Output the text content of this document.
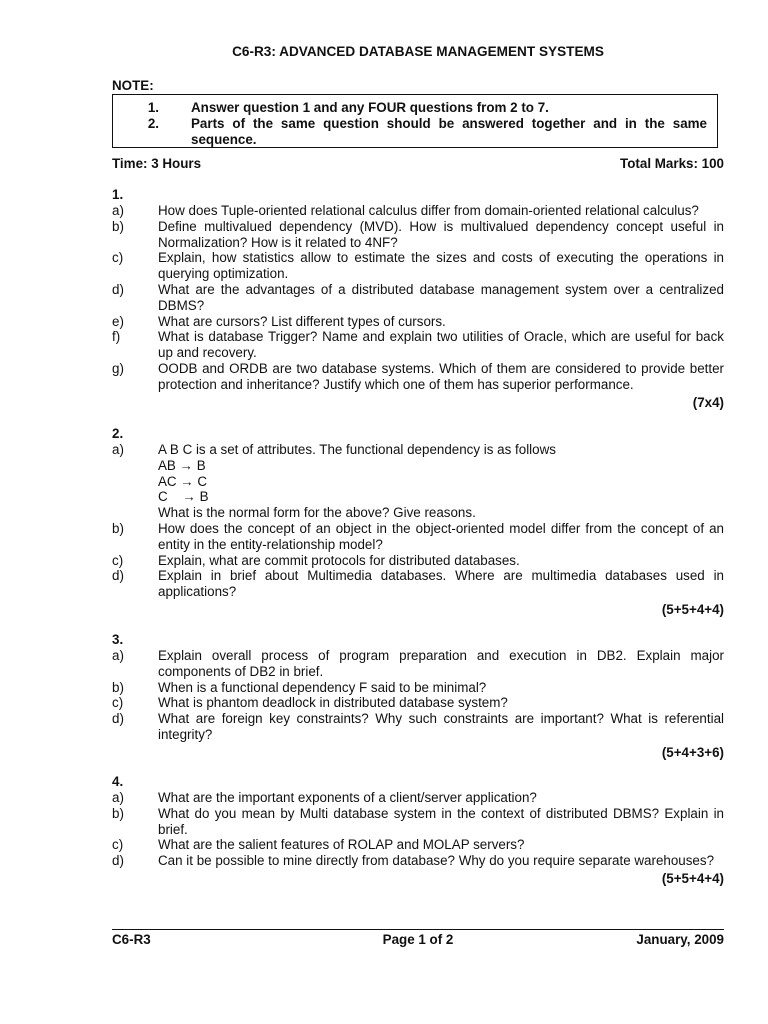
C6-R3: ADVANCED DATABASE MANAGEMENT SYSTEMS
NOTE:
1.	Answer question 1 and any FOUR questions from 2 to 7.
2.	Parts of the same question should be answered together and in the same sequence.
Time: 3 Hours	Total Marks: 100
1.
a)	How does Tuple-oriented relational calculus differ from domain-oriented relational calculus?
b)	Define multivalued dependency (MVD). How is multivalued dependency concept useful in Normalization? How is it related to 4NF?
c)	Explain, how statistics allow to estimate the sizes and costs of executing the operations in querying optimization.
d)	What are the advantages of a distributed database management system over a centralized DBMS?
e)	What are cursors? List different types of cursors.
f)	What is database Trigger? Name and explain two utilities of Oracle, which are useful for back up and recovery.
g)	OODB and ORDB are two database systems. Which of them are considered to provide better protection and inheritance? Justify which one of them has superior performance.
(7x4)
2.
a)	A B C is a set of attributes. The functional dependency is as follows
AB → B
AC → C
C    → B
What is the normal form for the above? Give reasons.
b)	How does the concept of an object in the object-oriented model differ from the concept of an entity in the entity-relationship model?
c)	Explain, what are commit protocols for distributed databases.
d)	Explain in brief about Multimedia databases. Where are multimedia databases used in applications?
(5+5+4+4)
3.
a)	Explain overall process of program preparation and execution in DB2. Explain major components of DB2 in brief.
b)	When is a functional dependency F said to be minimal?
c)	What is phantom deadlock in distributed database system?
d)	What are foreign key constraints? Why such constraints are important? What is referential integrity?
(5+4+3+6)
4.
a)	What are the important exponents of a client/server application?
b)	What do you mean by Multi database system in the context of distributed DBMS? Explain in brief.
c)	What are the salient features of ROLAP and MOLAP servers?
d)	Can it be possible to mine directly from database? Why do you require separate warehouses?
(5+5+4+4)
C6-R3	Page 1 of 2	January, 2009
